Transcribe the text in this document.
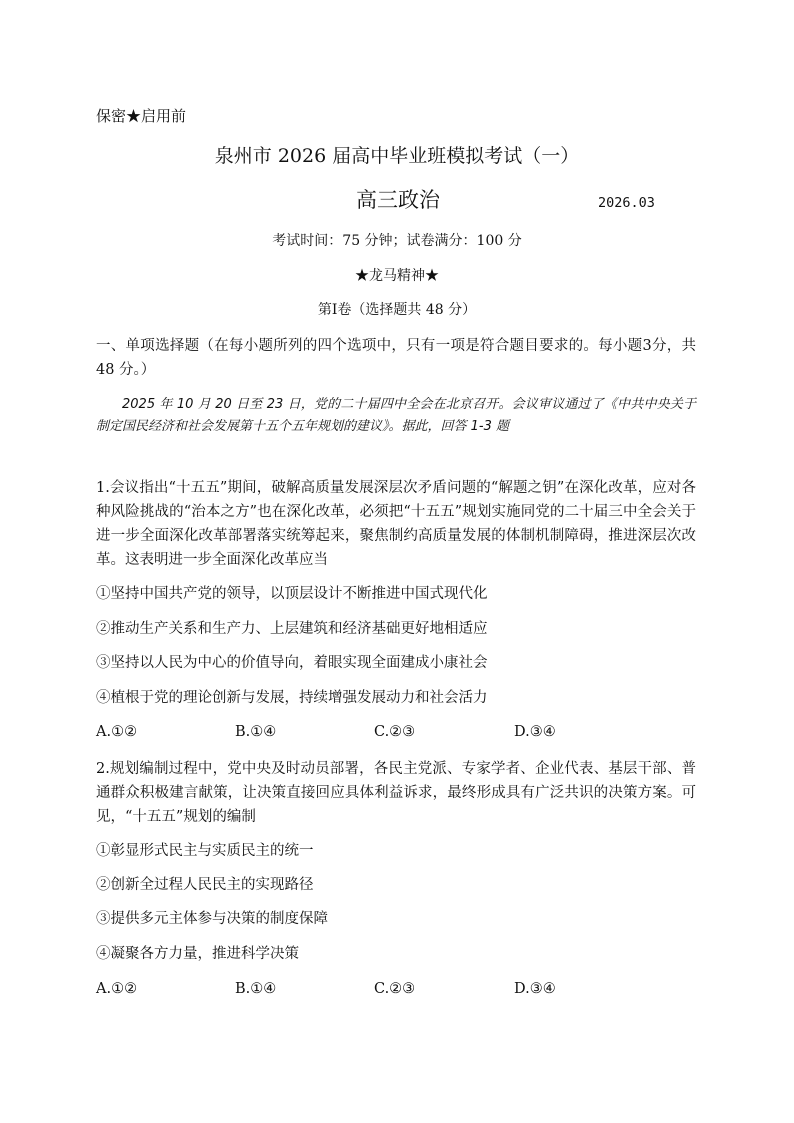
保密★启用前
泉州市 2026 届高中毕业班模拟考试（一）
高三政治	2026.03
考试时间：75 分钟；试卷满分：100 分
★龙马精神★
第Ⅰ卷（选择题共 48 分）
一、单项选择题（在每小题所列的四个选项中，只有一项是符合题目要求的。每小题3分，共 48 分。）
2025 年 10 月 20 日至 23 日，党的二十届四中全会在北京召开。会议审议通过了《中共中央关于制定国民经济和社会发展第十五个五年规划的建议》。据此，回答 1-3 题
1.会议指出“十五五”期间，破解高质量发展深层次矛盾问题的“解题之钥”在深化改革，应对各种风险挑战的“治本之方”也在深化改革，必须把“十五五”规划实施同党的二十届三中全会关于进一步全面深化改革部署落实统筹起来，聚焦制约高质量发展的体制机制障碍，推进深层次改革。这表明进一步全面深化改革应当
①坚持中国共产党的领导，以顶层设计不断推进中国式现代化
②推动生产关系和生产力、上层建筑和经济基础更好地相适应
③坚持以人民为中心的价值导向，着眼实现全面建成小康社会
④植根于党的理论创新与发展，持续增强发展动力和社会活力
A.①②	B.①④	C.②③	D.③④
2.规划编制过程中，党中央及时动员部署，各民主党派、专家学者、企业代表、基层干部、普通群众积极建言献策，让决策直接回应具体利益诉求，最终形成具有广泛共识的决策方案。可见，“十五五”规划的编制
①彰显形式民主与实质民主的统一
②创新全过程人民民主的实现路径
③提供多元主体参与决策的制度保障
④凝聚各方力量，推进科学决策
A.①②	B.①④	C.②③	D.③④
